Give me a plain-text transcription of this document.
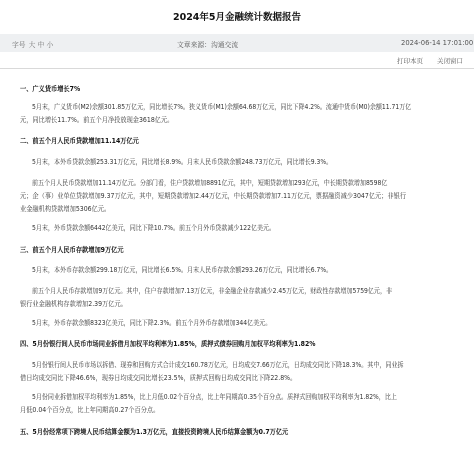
2024年5月金融统计数据报告
字号 大 中 小	文章来源：沟通交流	2024-06-14 17:01:00
打印本页 关闭窗口
一、广义货币增长7%
5月末，广义货币(M2)余额301.85万亿元，同比增长7%。狭义货币(M1)余额64.68万亿元，同比下降4.2%。流通中货币(M0)余额11.71万亿
元，同比增长11.7%。前五个月净投放现金3618亿元。
二、前五个月人民币贷款增加11.14万亿元
5月末，本外币贷款余额253.31万亿元，同比增长8.9%。月末人民币贷款余额248.73万亿元，同比增长9.3%。
前五个月人民币贷款增加11.14万亿元。分部门看，住户贷款增加8891亿元，其中，短期贷款增加293亿元，中长期贷款增加8598亿
元；企（事）业单位贷款增加9.37万亿元，其中，短期贷款增加2.44万亿元，中长期贷款增加7.11万亿元，票据融资减少3047亿元；非银行
业金融机构贷款增加5306亿元。
5月末，外币贷款余额6442亿美元，同比下降10.7%。前五个月外币贷款减少122亿美元。
三、前五个月人民币存款增加9万亿元
5月末，本外币存款余额299.18万亿元，同比增长6.5%。月末人民币存款余额293.26万亿元，同比增长6.7%。
前五个月人民币存款增加9万亿元。其中，住户存款增加7.13万亿元，非金融企业存款减少2.45万亿元，财政性存款增加5759亿元，非
银行业金融机构存款增加2.39万亿元。
5月末，外币存款余额8323亿美元，同比下降2.3%。前五个月外币存款增加344亿美元。
四、5月份银行间人民币市场同业拆借月加权平均利率为1.85%，质押式债券回购月加权平均利率为1.82%
5月份银行间人民币市场以拆借、现券和回购方式合计成交160.78万亿元，日均成交7.66万亿元，日均成交同比下降18.3%。其中，同业拆
借日均成交同比下降46.6%，现券日均成交同比增长23.5%，质押式回购日均成交同比下降22.8%。
5月份同业拆借加权平均利率为1.85%，比上月低0.02个百分点，比上年同期高0.35个百分点。质押式回购加权平均利率为1.82%，比上
月低0.04个百分点，比上年同期高0.27个百分点。
五、5月份经常项下跨境人民币结算金额为1.3万亿元，直接投资跨境人民币结算金额为0.7万亿元
